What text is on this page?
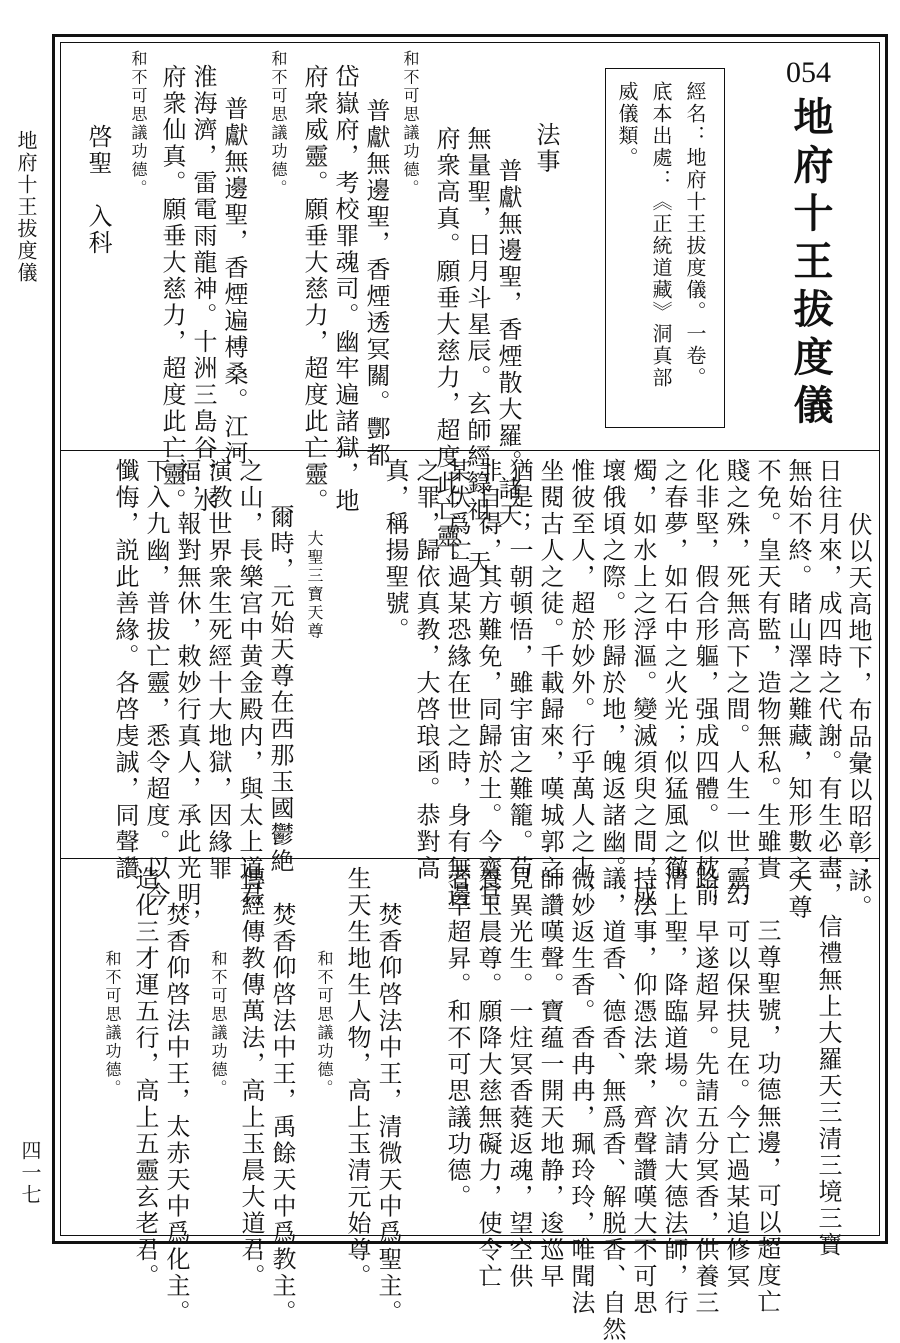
地府十王拔度儀
四一七
054
地府十王拔度儀
經名：地府十王拔度儀。一卷。
底本出處：《正統道藏》洞真部
威儀類。
法事
普獻無邊聖，香煙散大羅。諸天
無量聖，日月斗星辰。玄師經籙祖，天
府衆高真。願垂大慈力，超度此亡靈。
和不可思議功德。
普獻無邊聖，香煙透冥關。酆都
岱嶽府，考校罪魂司。幽牢遍諸獄，地
府衆威靈。願垂大慈力，超度此亡靈。
和不可思議功德。
普獻無邊聖，香煙遍榑桑。江河
淮海濟，雷電雨龍神。十洲三島谷，水
府衆仙真。願垂大慈力，超度此亡靈。
和不可思議功德。
啓聖　入科
伏以天高地下，布品彙以昭彰；
日往月來，成四時之代謝。有生必盡，
無始不終。睹山澤之難藏，知形數之
不免。皇天有監，造物無私。生雖貴
賤之殊，死無高下之間。人生一世，幻
化非堅，假合形軀，强成四體。似枕前
之春夢，如石中之火光；似猛風之徹
燭，如水上之浮漚。變滅須臾之間，成
壞俄頃之際。形歸於地，魄返諸幽。
惟彼至人，超於妙外。行乎萬人之上，
坐閱古人之徒。千載歸來，嘆城郭之
猶是；一朝頓悟，雖宇宙之難籠。苟
非自得，其方難免，同歸於土。今齋官
某伏爲亡過某恐緣在世之時，身有無邊
之罪，歸依真教，大啓琅函。恭對高
真，稱揚聖號。
大聖三寶天尊
爾時，元始天尊在西那玉國鬱絶
之山，長樂宫中黄金殿内，與太上道君
演教世界衆生死經十大地獄，因緣罪
福，報對無休，敕妙行真人，承此光明，
下入九幽，普拔亡靈，悉令超度。以今
懺悔，説此善緣。各啓虔誠，同聲讚
詠。
信禮無上大羅天三清三境三寶
天尊
三尊聖號，功德無邊，可以超度亡
靈，可以保扶見在。今亡過某追修冥
路，早遂超昇。先請五分冥香，供養三
清上聖，降臨道場。次請大德法師，行
持法事，仰憑法衆，齊聲讚嘆大不可思
議，道香、德香、無爲香、解脱香、自然
微妙返生香。香冉冉，珮玲玲，唯聞法
師讚嘆聲。寶蕴一開天地静，逡巡早
見異光生。一炷冥香蕤返魂，望空供
養玉晨尊。願降大慈無礙力，使令亡
者早超昇。和不可思議功德。
焚香仰啓法中王，清微天中爲聖主。
生天生地生人物，高上玉清元始尊。
和不可思議功德。
焚香仰啓法中王，禹餘天中爲教主。
傳經傳教傳萬法，高上玉晨大道君。
和不可思議功德。
焚香仰啓法中王，太赤天中爲化主。
造化三才運五行，高上五靈玄老君。
和不可思議功德。
